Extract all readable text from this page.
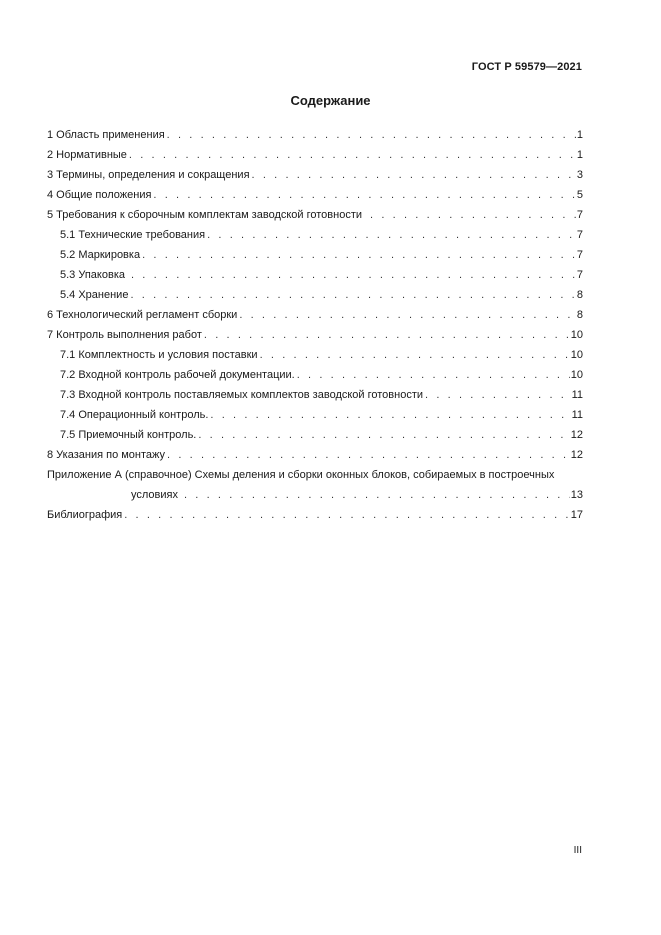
ГОСТ Р 59579—2021
Содержание
1 Область применения . . .	1
2 Нормативные . . .	1
3 Термины, определения и сокращения . . .	3
4 Общие положения . . .	5
5 Требования к сборочным комплектам заводской готовности . . .	7
5.1 Технические требования . . .	7
5.2 Маркировка . . .	7
5.3 Упаковка . . .	7
5.4 Хранение . . .	8
6 Технологический регламент сборки . . .	8
7 Контроль выполнения работ . . .	10
7.1 Комплектность и условия поставки . . .	10
7.2 Входной контроль рабочей документации. . . .	10
7.3 Входной контроль поставляемых комплектов заводской готовности . . .	11
7.4 Операционный контроль. . . .	11
7.5 Приемочный контроль. . . .	12
8 Указания по монтажу . . .	12
Приложение А (справочное) Схемы деления и сборки оконных блоков, собираемых в построечных
условиях . . .	13
Библиография . . .	17
III
